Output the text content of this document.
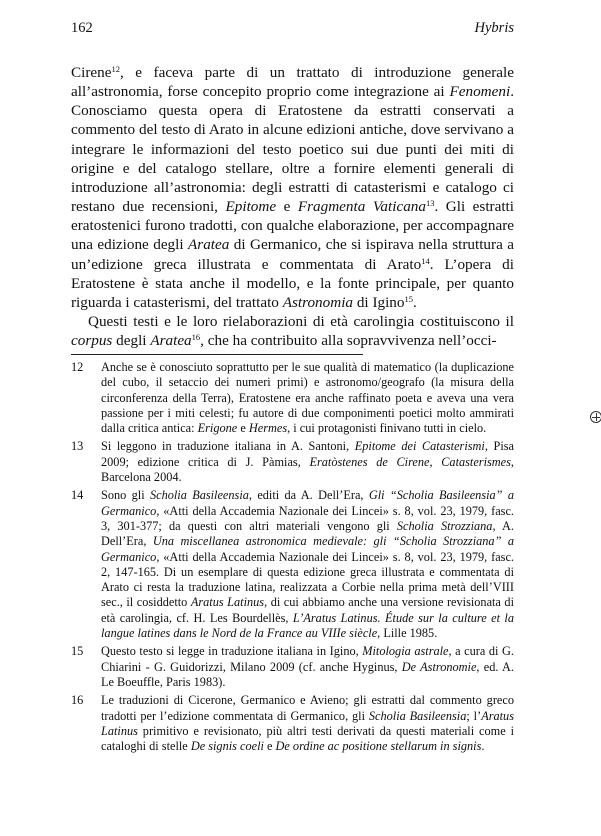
162	Hybris

Cirene$^{12}$, e faceva parte di un trattato di introduzione generale all’astronomia, forse concepito proprio come integrazione ai Fenomeni. Conosciamo questa opera di Eratostene da estratti conservati a commento del testo di Arato in alcune edizioni antiche, dove servivano a integrare le informazioni del testo poetico sui due punti dei miti di origine e del catalogo stellare, oltre a fornire elementi generali di introduzione all’astronomia: degli estratti di catasterismi e catalogo ci restano due recensioni, Epitome e Fragmenta Vaticana$^{13}$. Gli estratti eratostenici furono tradotti, con qualche elaborazione, per accompagnare una edizione degli Aratea di Germanico, che si ispirava nella struttura a un’edizione greca illustrata e commentata di Arato$^{14}$. L’opera di Eratostene è stata anche il modello, e la fonte principale, per quanto riguarda i catasterismi, del trattato Astronomia di Igino$^{15}$.

Questi testi e le loro rielaborazioni di età carolingia costituiscono il corpus degli Aratea$^{16}$, che ha contribuito alla sopravvivenza nell’occi-

12 Anche se è conosciuto soprattutto per le sue qualità di matematico (la duplicazione del cubo, il setaccio dei numeri primi) e astronomo/geografo (la misura della circonferenza della Terra), Eratostene era anche raffinato poeta e aveva una vera passione per i miti celesti; fu autore di due componimenti poetici molto ammirati dalla critica antica: Erigone e Hermes, i cui protagonisti finivano tutti in cielo.
13 Si leggono in traduzione italiana in A. Santoni, Epitome dei Catasterismi, Pisa 2009; edizione critica di J. Pàmias, Eratòstenes de Cirene, Catasterismes, Barcelona 2004.
14 Sono gli Scholia Basileensia, editi da A. Dell’Era, Gli “Scholia Basileensia” a Germanico, «Atti della Accademia Nazionale dei Lincei» s. 8, vol. 23, 1979, fasc. 3, 301-377; da questi con altri materiali vengono gli Scholia Strozziana, A. Dell’Era, Una miscellanea astronomica medievale: gli “Scholia Strozziana” a Germanico, «Atti della Accademia Nazionale dei Lincei» s. 8, vol. 23, 1979, fasc. 2, 147-165. Di un esemplare di questa edizione greca illustrata e commentata di Arato ci resta la traduzione latina, realizzata a Corbie nella prima metà dell’VIII sec., il cosiddetto Aratus Latinus, di cui abbiamo anche una versione revisionata di età carolingia, cf. H. Les Bourdellès, L’Aratus Latinus. Étude sur la culture et la langue latines dans le Nord de la France au VIIIe siècle, Lille 1985.
15 Questo testo si legge in traduzione italiana in Igino, Mitologia astrale, a cura di G. Chiarini - G. Guidorizzi, Milano 2009 (cf. anche Hyginus, De Astronomie, ed. A. Le Boeuffle, Paris 1983).
16 Le traduzioni di Cicerone, Germanico e Avieno; gli estratti dal commento greco tradotti per l’edizione commentata di Germanico, gli Scholia Basileensia; l’Aratus Latinus primitivo e revisionato, più altri testi derivati da questi materiali come i cataloghi di stelle De signis coeli e De ordine ac positione stellarum in signis.
